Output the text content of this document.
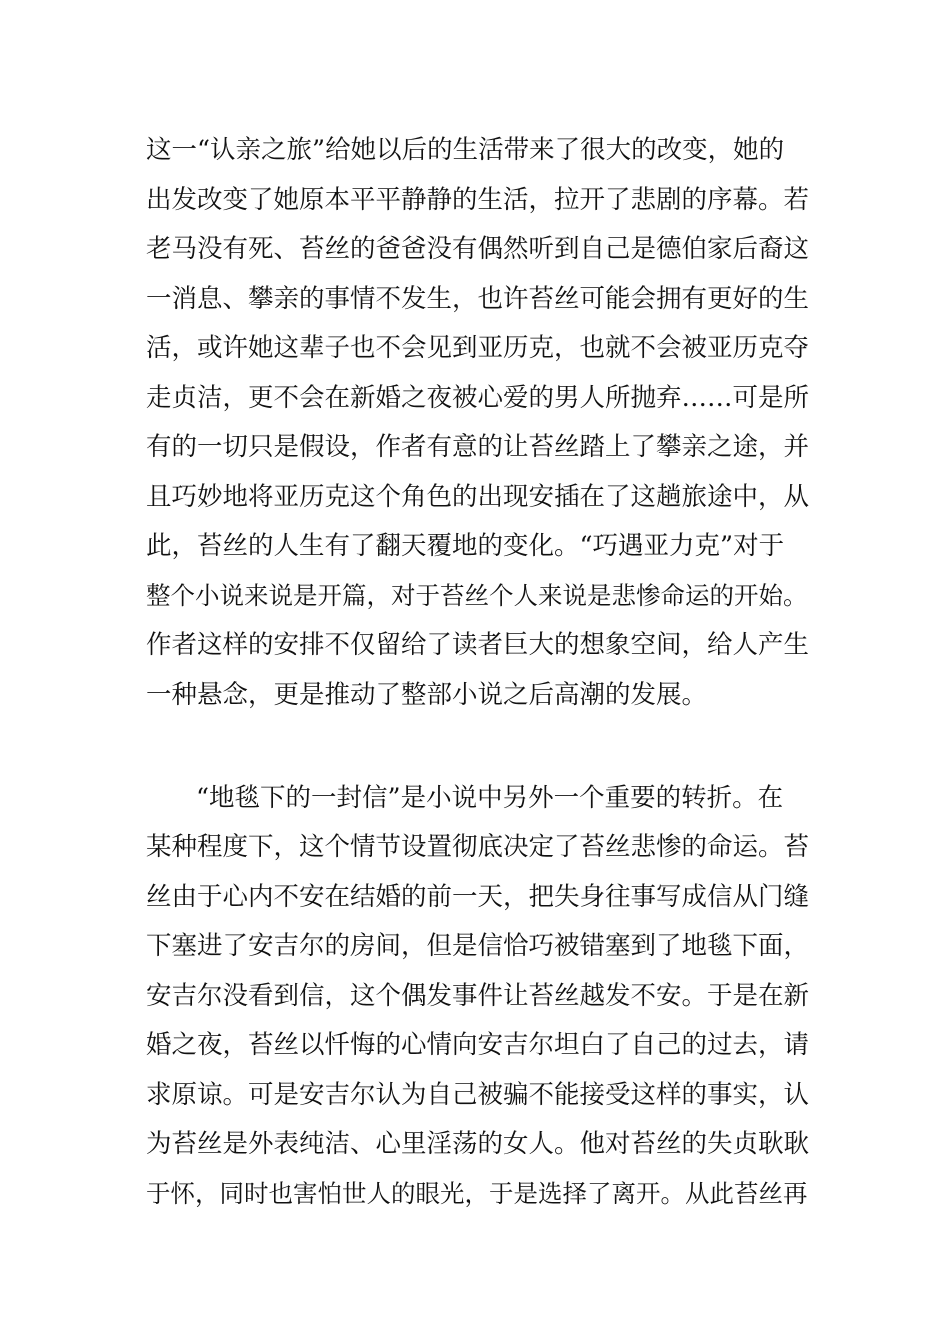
这一“认亲之旅”给她以后的生活带来了很大的改变，她的
出发改变了她原本平平静静的生活，拉开了悲剧的序幕。若
老马没有死、苔丝的爸爸没有偶然听到自己是德伯家后裔这
一消息、攀亲的事情不发生，也许苔丝可能会拥有更好的生
活，或许她这辈子也不会见到亚历克，也就不会被亚历克夺
走贞洁，更不会在新婚之夜被心爱的男人所抛弃……可是所
有的一切只是假设，作者有意的让苔丝踏上了攀亲之途，并
且巧妙地将亚历克这个角色的出现安插在了这趟旅途中，从
此，苔丝的人生有了翻天覆地的变化。“巧遇亚力克”对于
整个小说来说是开篇，对于苔丝个人来说是悲惨命运的开始。
作者这样的安排不仅留给了读者巨大的想象空间，给人产生
一种悬念，更是推动了整部小说之后高潮的发展。
“地毯下的一封信”是小说中另外一个重要的转折。在
某种程度下，这个情节设置彻底决定了苔丝悲惨的命运。苔
丝由于心内不安在结婚的前一天，把失身往事写成信从门缝
下塞进了安吉尔的房间，但是信恰巧被错塞到了地毯下面，
安吉尔没看到信，这个偶发事件让苔丝越发不安。于是在新
婚之夜，苔丝以忏悔的心情向安吉尔坦白了自己的过去，请
求原谅。可是安吉尔认为自己被骗不能接受这样的事实，认
为苔丝是外表纯洁、心里淫荡的女人。他对苔丝的失贞耿耿
于怀，同时也害怕世人的眼光，于是选择了离开。从此苔丝再
